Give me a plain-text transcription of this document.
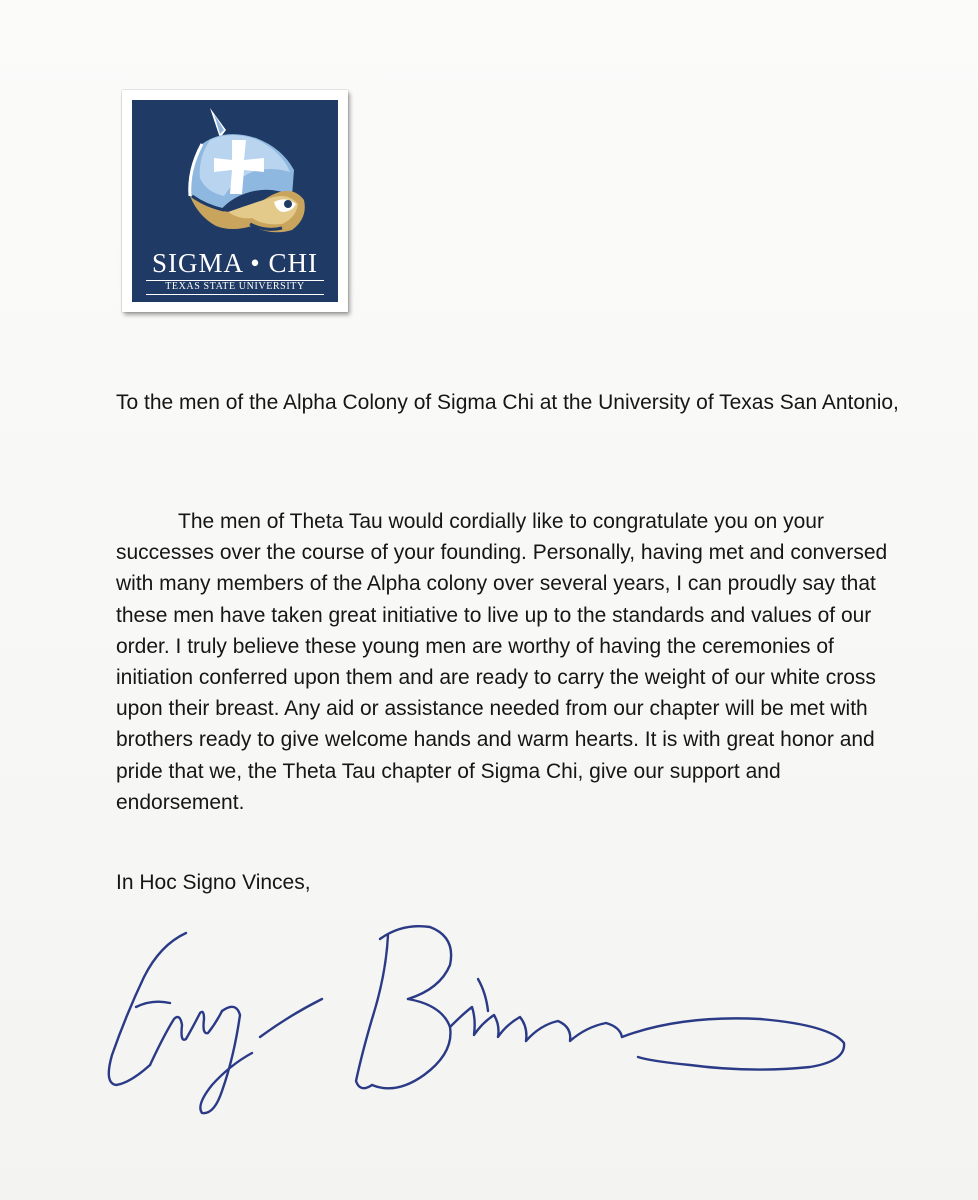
SIGMA • CHI
TEXAS STATE UNIVERSITY

To the men of the Alpha Colony of Sigma Chi at the University of Texas San Antonio,

The men of Theta Tau would cordially like to congratulate you on your successes over the course of your founding. Personally, having met and conversed with many members of the Alpha colony over several years, I can proudly say that these men have taken great initiative to live up to the standards and values of our order. I truly believe these young men are worthy of having the ceremonies of initiation conferred upon them and are ready to carry the weight of our white cross upon their breast. Any aid or assistance needed from our chapter will be met with brothers ready to give welcome hands and warm hearts. It is with great honor and pride that we, the Theta Tau chapter of Sigma Chi, give our support and endorsement.

In Hoc Signo Vinces,
